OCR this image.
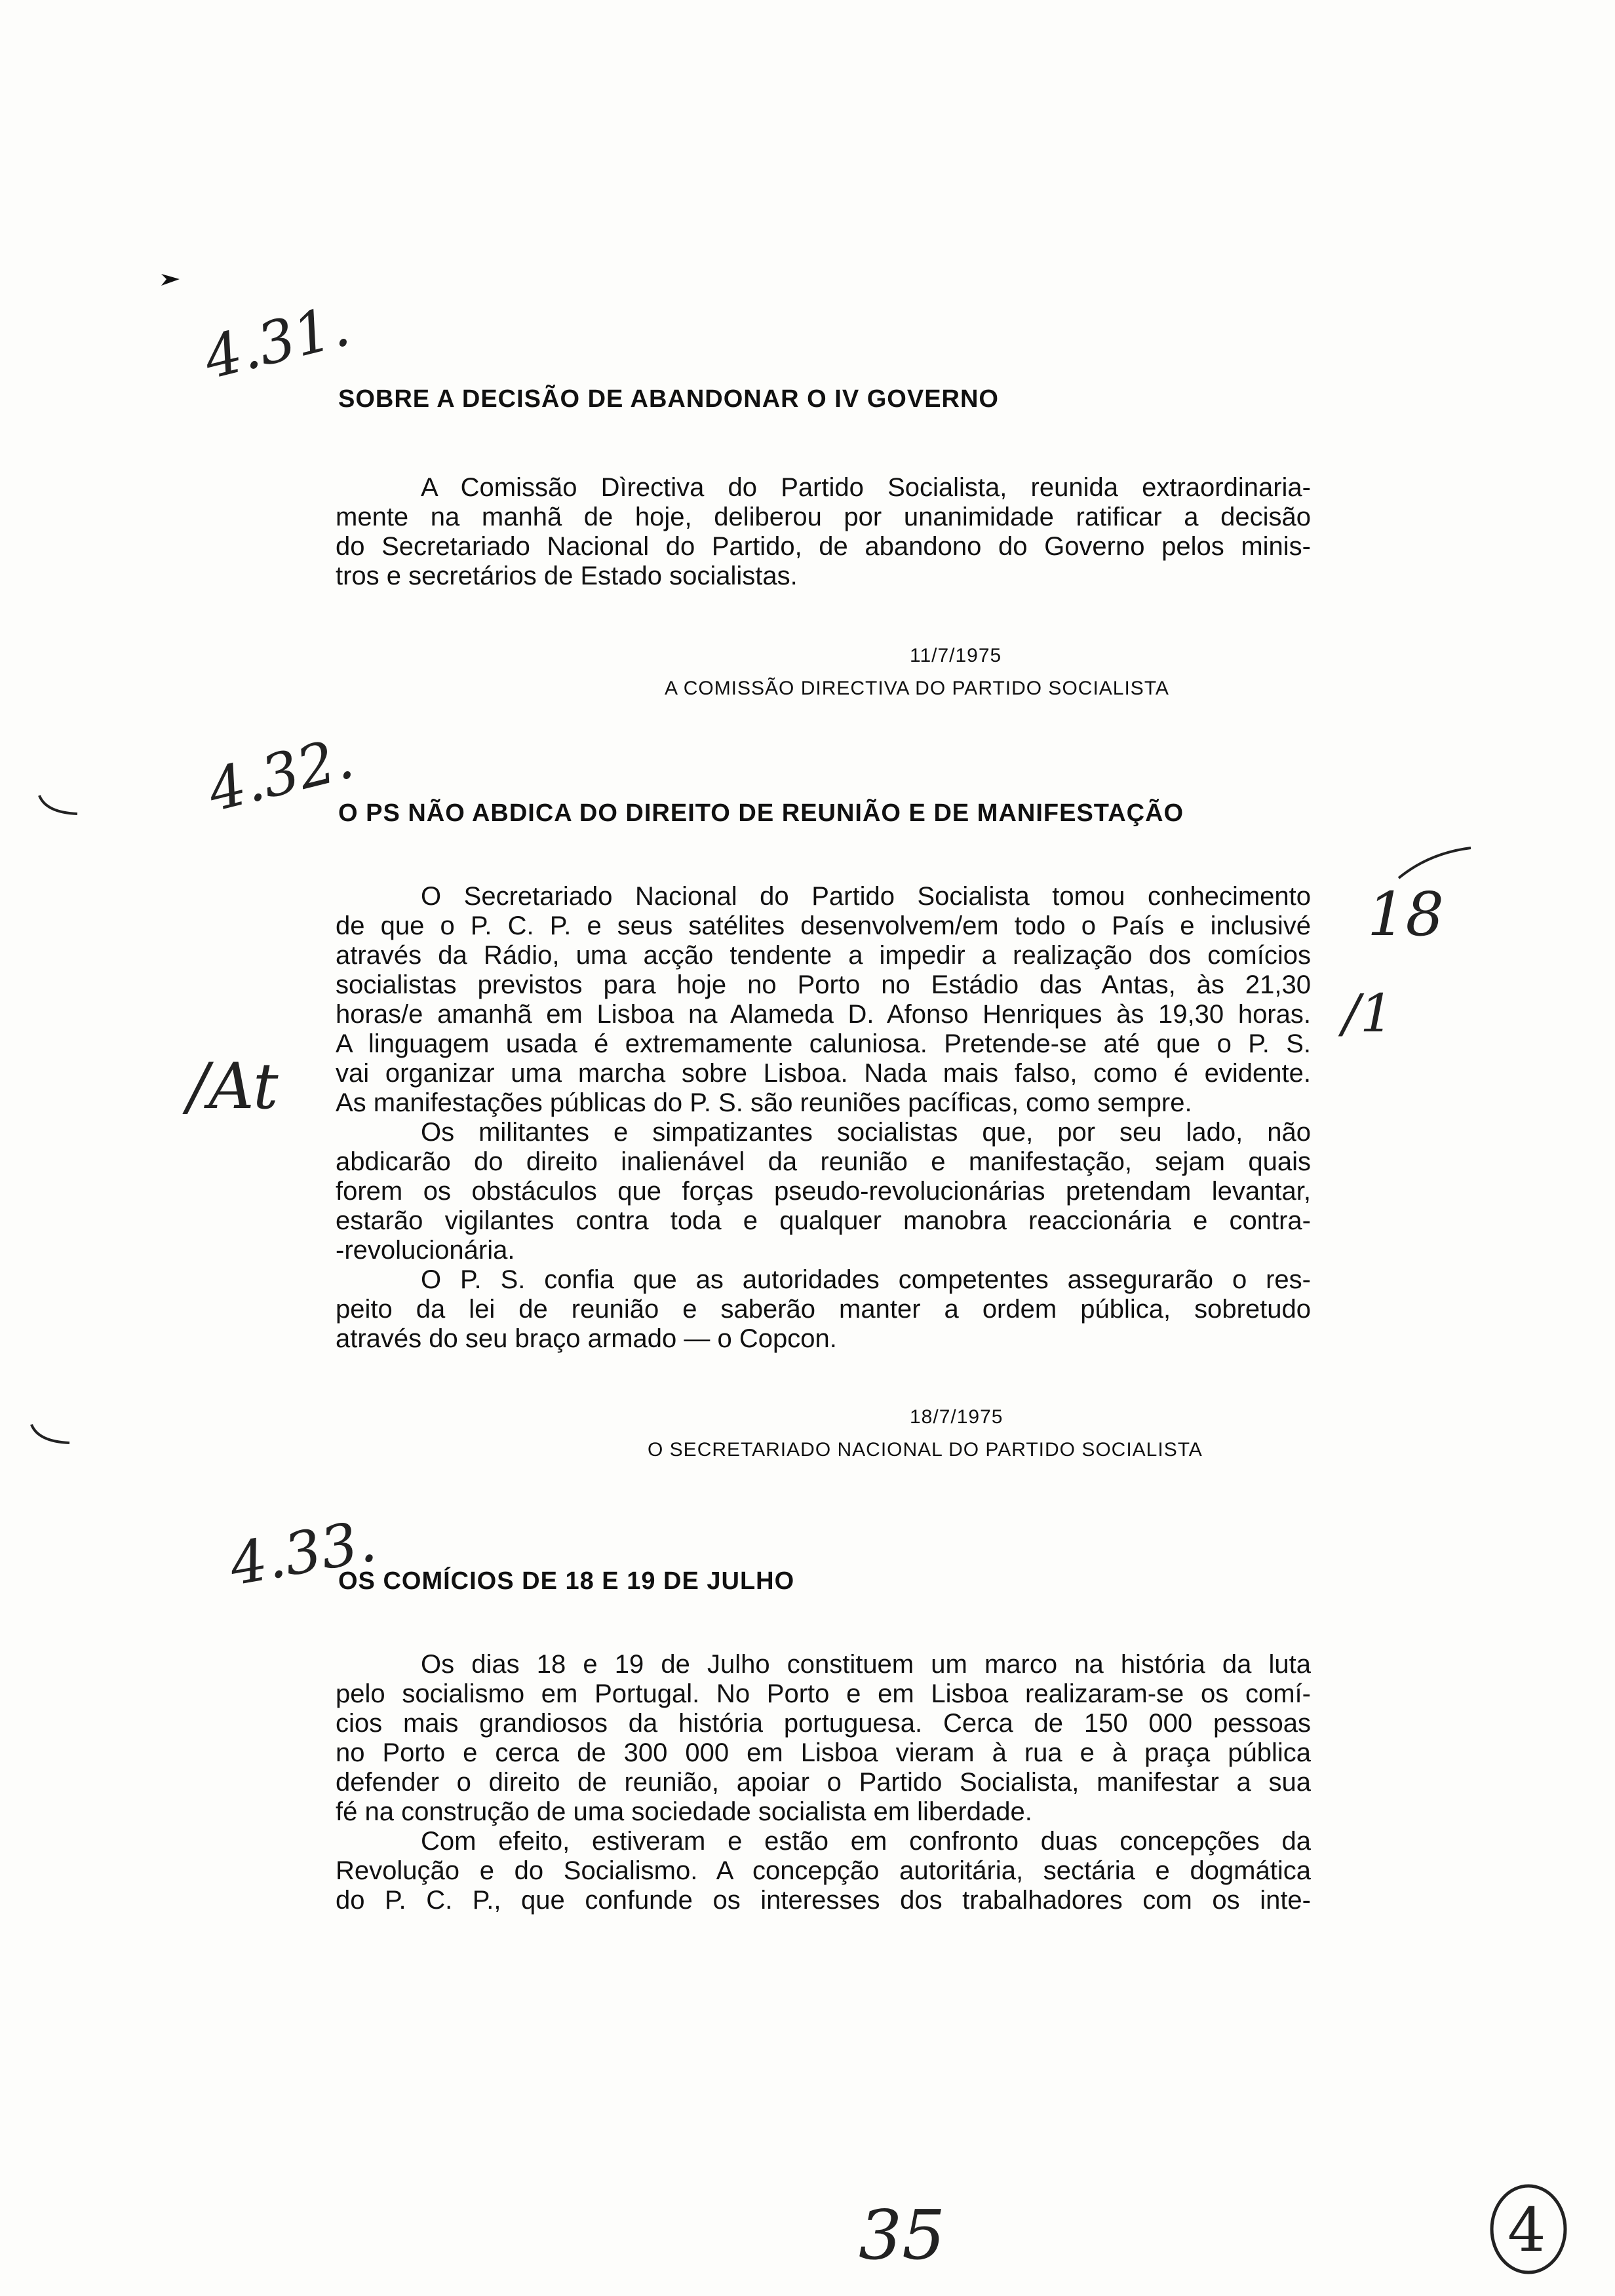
4.31.
SOBRE A DECISÃO DE ABANDONAR O IV GOVERNO
A Comissão Dìrectiva do Partido Socialista, reunida extraordinaria-
mente na manhã de hoje, deliberou por unanimidade ratificar a decisão
do Secretariado Nacional do Partido, de abandono do Governo pelos minis-
tros e secretários de Estado socialistas.
11/7/1975
A COMISSÃO DIRECTIVA DO PARTIDO SOCIALISTA
4.32.
O PS NÃO ABDICA DO DIREITO DE REUNIÃO E DE MANIFESTAÇÃO
O Secretariado Nacional do Partido Socialista tomou conhecimento
de que o P. C. P. e seus satélites desenvolvem/em todo o País e inclusivé
através da Rádio, uma acção tendente a impedir a realização dos comícios
socialistas previstos para hoje no Porto no Estádio das Antas, às 21,30
horas/e amanhã em Lisboa na Alameda D. Afonso Henriques às 19,30 horas.
A linguagem usada é extremamente caluniosa. Pretende-se até que o P. S.
vai organizar uma marcha sobre Lisboa. Nada mais falso, como é evidente.
As manifestações públicas do P. S. são reuniões pacíficas, como sempre.
Os militantes e simpatizantes socialistas que, por seu lado, não
abdicarão do direito inalienável da reunião e manifestação, sejam quais
forem os obstáculos que forças pseudo-revolucionárias pretendam levantar,
estarão vigilantes contra toda e qualquer manobra reaccionária e contra-
-revolucionária.
O P. S. confia que as autoridades competentes assegurarão o res-
peito da lei de reunião e saberão manter a ordem pública, sobretudo
através do seu braço armado — o Copcon.
/At
18
/1
18/7/1975
O SECRETARIADO NACIONAL DO PARTIDO SOCIALISTA
4.33.
OS COMÍCIOS DE 18 E 19 DE JULHO
Os dias 18 e 19 de Julho constituem um marco na história da luta
pelo socialismo em Portugal. No Porto e em Lisboa realizaram-se os comí-
cios mais grandiosos da história portuguesa. Cerca de 150 000 pessoas
no Porto e cerca de 300 000 em Lisboa vieram à rua e à praça pública
defender o direito de reunião, apoiar o Partido Socialista, manifestar a sua
fé na construção de uma sociedade socialista em liberdade.
Com efeito, estiveram e estão em confronto duas concepções da
Revolução e do Socialismo. A concepção autoritária, sectária e dogmática
do P. C. P., que confunde os interesses dos trabalhadores com os inte-
35	4
